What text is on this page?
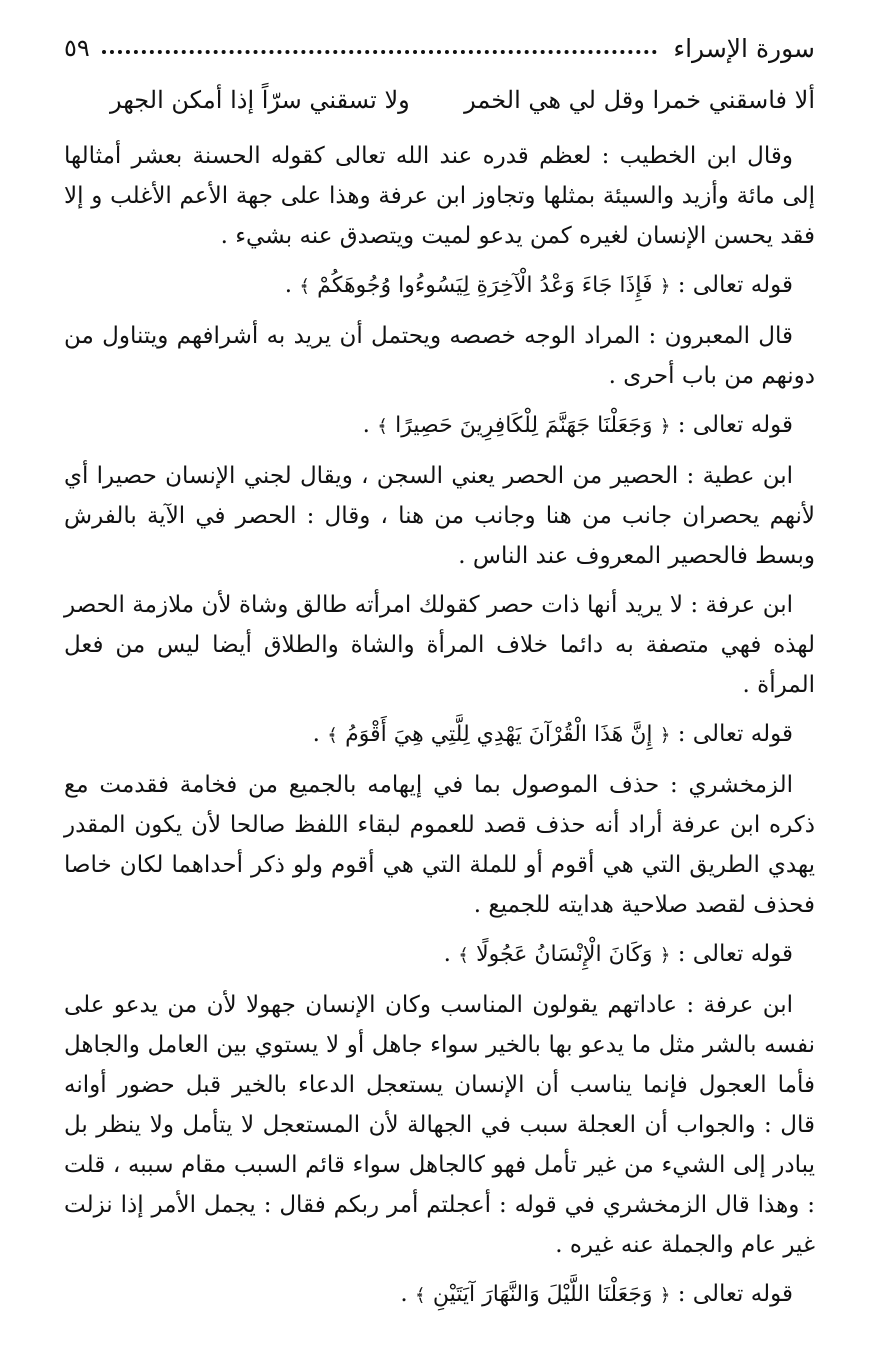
سورة الإسراء
٥٩
ألا فاسقني خمرا وقل لي هي الخمر
ولا تسقني سرّاً إذا أمكن الجهر

وقال ابن الخطيب : لعظم قدره عند الله تعالى كقوله الحسنة بعشر أمثالها إلى مائة وأزيد والسيئة بمثلها وتجاوز ابن عرفة وهذا على جهة الأعم الأغلب و إلا فقد يحسن الإنسان لغيره كمن يدعو لميت ويتصدق عنه بشيء .

قوله تعالى : ﴿ فَإِذَا جَاءَ وَعْدُ الْآخِرَةِ لِيَسُوءُوا وُجُوهَكُمْ ﴾ .

قال المعبرون : المراد الوجه خصصه ويحتمل أن يريد به أشرافهم ويتناول من دونهم من باب أحرى .

قوله تعالى : ﴿ وَجَعَلْنَا جَهَنَّمَ لِلْكَافِرِينَ حَصِيرًا ﴾ .

ابن عطية : الحصير من الحصر يعني السجن ، ويقال لجني الإنسان حصيرا أي لأنهم يحصران جانب من هنا وجانب من هنا ، وقال : الحصر في الآية بالفرش وبسط فالحصير المعروف عند الناس .

ابن عرفة : لا يريد أنها ذات حصر كقولك امرأته طالق وشاة لأن ملازمة الحصر لهذه فهي متصفة به دائما خلاف المرأة والشاة والطلاق أيضا ليس من فعل المرأة .

قوله تعالى : ﴿ إِنَّ هَذَا الْقُرْآنَ يَهْدِي لِلَّتِي هِيَ أَقْوَمُ ﴾ .

الزمخشري : حذف الموصول بما في إيهامه بالجميع من فخامة فقدمت مع ذكره ابن عرفة أراد أنه حذف قصد للعموم لبقاء اللفظ صالحا لأن يكون المقدر يهدي الطريق التي هي أقوم أو للملة التي هي أقوم ولو ذكر أحداهما لكان خاصا فحذف لقصد صلاحية هدايته للجميع .

قوله تعالى : ﴿ وَكَانَ الْإِنْسَانُ عَجُولًا ﴾ .

ابن عرفة : عاداتهم يقولون المناسب وكان الإنسان جهولا لأن من يدعو على نفسه بالشر مثل ما يدعو بها بالخير سواء جاهل أو لا يستوي بين العامل والجاهل فأما العجول فإنما يناسب أن الإنسان يستعجل الدعاء بالخير قبل حضور أوانه قال : والجواب أن العجلة سبب في الجهالة لأن المستعجل لا يتأمل ولا ينظر بل يبادر إلى الشيء من غير تأمل فهو كالجاهل سواء قائم السبب مقام سببه ، قلت : وهذا قال الزمخشري في قوله : أعجلتم أمر ربكم فقال : يجمل الأمر إذا نزلت غير عام والجملة عنه غيره .

قوله تعالى : ﴿ وَجَعَلْنَا اللَّيْلَ وَالنَّهَارَ آيَتَيْنِ ﴾ .
